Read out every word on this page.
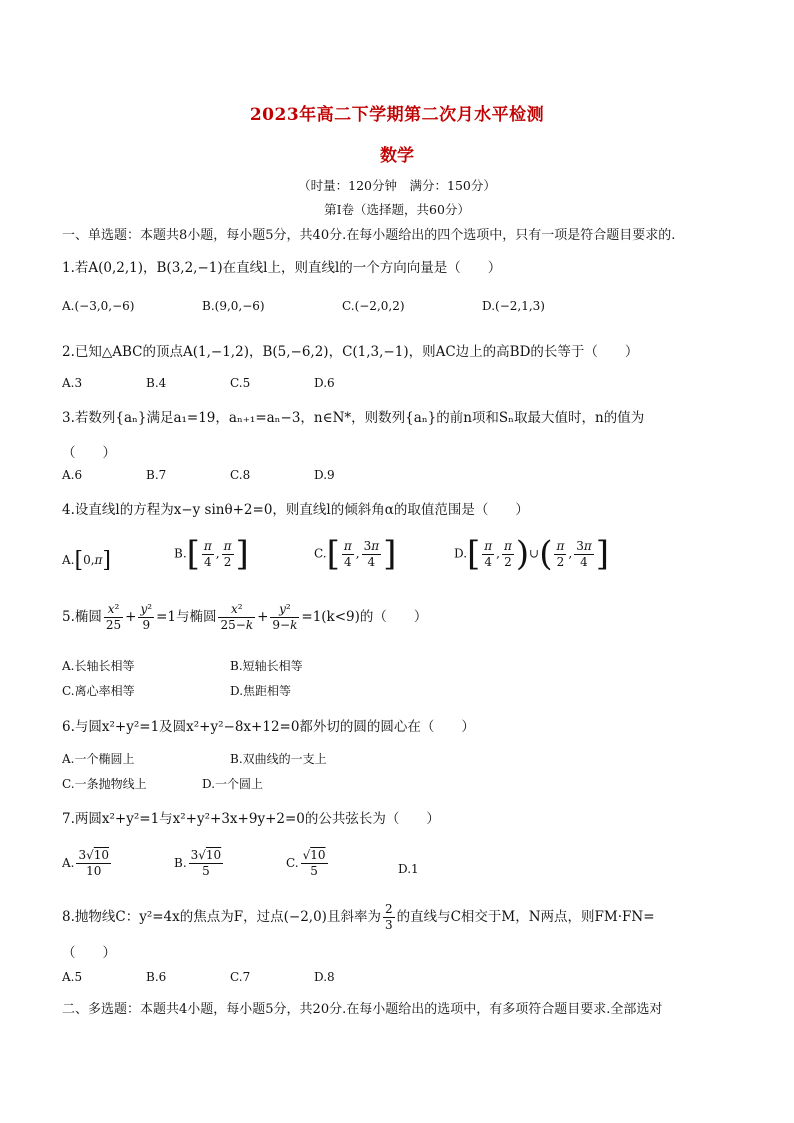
2023年高二下学期第二次月水平检测
数学
（时量：120分钟　满分：150分）
第Ⅰ卷（选择题，共60分）
一、单选题：本题共8小题，每小题5分，共40分.在每小题给出的四个选项中，只有一项是符合题目要求的.
1.若A(0,2,1)，B(3,2,−1)在直线l上，则直线l的一个方向向量是（　　）
A.(−3,0,−6)	B.(9,0,−6)	C.(−2,0,2)	D.(−2,1,3)
2.已知△ABC的顶点A(1,−1,2)，B(5,−6,2)，C(1,3,−1)，则AC边上的高BD的长等于（　　）
A.3	B.4	C.5	D.6
3.若数列{aₙ}满足a₁=19，aₙ₊₁=aₙ−3，n∈N*，则数列{aₙ}的前n项和Sₙ取最大值时，n的值为
（　　）
A.6	B.7	C.8	D.9
4.设直线l的方程为x−y sinθ+2=0，则直线l的倾斜角α的取值范围是（　　）
A.[0,π]	$B.[ \frac{\pi}{4}$ , $\frac{\pi}{2}$ ]	$C.[ \frac{\pi}{4}$ , $\frac{3\pi}{4}$ ]	$D.[ \frac{\pi}{4}$ , $\frac{\pi}{2}$ )∪( $\frac{\pi}{2}$ , $\frac{3\pi}{4}$ ]
5.椭圆 $\frac{\text{x²}}{25} + \frac{\text{y²}}{9} =1$与椭圆 $\frac{\text{x²}}{25-k} + \frac{\text{y²}}{9-k} =1(k<9)$的（　　）
A.长轴长相等	B.短轴长相等
C.离心率相等	D.焦距相等
6.与圆x²+y²=1及圆x²+y²−8x+12=0都外切的圆的圆心在（　　）
A.一个椭圆上	B.双曲线的一支上
C.一条抛物线上	D.一个圆上
7.两圆x²+y²=1与x²+y²+3x+9y+2=0的公共弦长为（　　）
A. $\frac{3√10}{10}$	B. $\frac{3√10}{5}$	C. $\frac{√10}{5}$	D.1
8.抛物线C：y²=4x的焦点为F，过点(−2,0)且斜率为 $\frac{2}{3}$ 的直线与C相交于M，N两点，则FM·FN=
（　　）
A.5	B.6	C.7	D.8
二、多选题：本题共4小题，每小题5分，共20分.在每小题给出的选项中，有多项符合题目要求.全部选对
